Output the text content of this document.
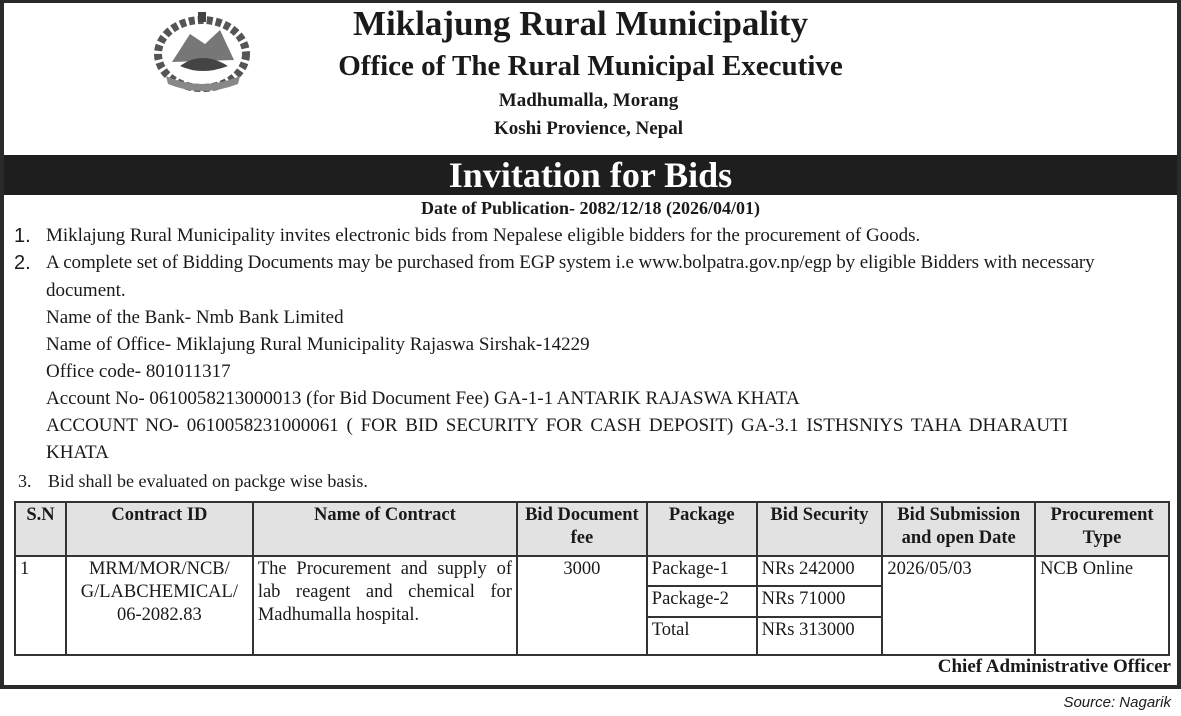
Miklajung Rural Municipality
Office of The Rural Municipal Executive
Madhumalla, Morang
Koshi Provience, Nepal
Invitation for Bids
Date of Publication- 2082/12/18 (2026/04/01)
1. Miklajung Rural Municipality invites electronic bids from Nepalese eligible bidders for the procurement of Goods.
2. A complete set of Bidding Documents may be purchased from EGP system i.e www.bolpatra.gov.np/egp by eligible Bidders with necessary
document.
Name of the Bank- Nmb Bank Limited
Name of Office- Miklajung Rural Municipality Rajaswa Sirshak-14229
Office code- 801011317
Account No- 0610058213000013 (for Bid Document Fee) GA-1-1 ANTARIK RAJASWA KHATA
ACCOUNT NO- 0610058231000061 ( FOR BID SECURITY FOR CASH DEPOSIT) GA-3.1 ISTHSNIYS TAHA DHARAUTI
KHATA
3. Bid shall be evaluated on packge wise basis.
S.N	Contract ID	Name of Contract	Bid Document fee	Package	Bid Security	Bid Submission and open Date	Procurement Type
1	MRM/MOR/NCB/ G/LABCHEMICAL/ 06-2082.83	The Procurement and supply of lab reagent and chemical for Madhumalla hospital.	3000	Package-1	NRs 242000	2026/05/03	NCB Online
				Package-2	NRs 71000		
				Total	NRs 313000		
Chief Administrative Officer
Source: Nagarik
